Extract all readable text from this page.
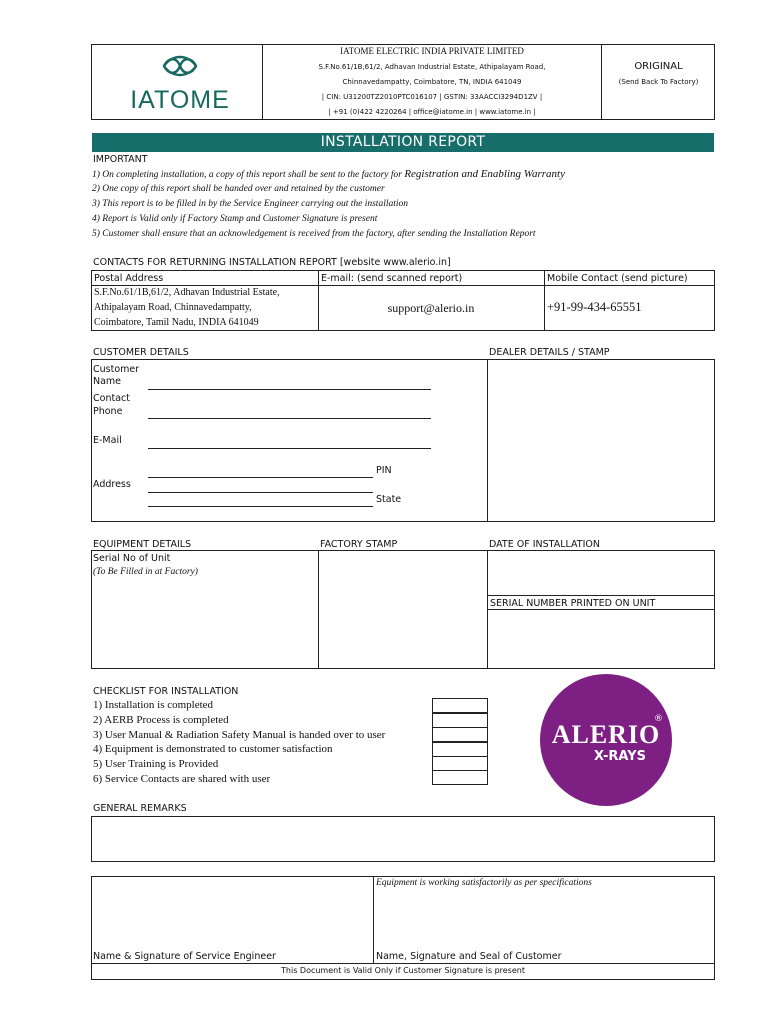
IATOME
IATOME ELECTRIC INDIA PRIVATE LIMITED
S.F.No.61/1B,61/2, Adhavan Industrial Estate, Athipalayam Road,
Chinnavedampatty, Coimbatore, TN, INDIA 641049
| CIN: U31200TZ2010PTC016107 | GSTIN: 33AACCI3294D1ZV |
| +91 (0)422 4220264 | office@iatome.in | www.iatome.in |
ORIGINAL
(Send Back To Factory)
INSTALLATION REPORT
IMPORTANT
1) On completing installation, a copy of this report shall be sent to the factory for Registration and Enabling Warranty
2) One copy of this report shall be handed over and retained by the customer
3) This report is to be filled in by the Service Engineer carrying out the installation
4) Report is Valid only if Factory Stamp and Customer Signature is present
5) Customer shall ensure that an acknowledgement is received from the factory, after sending the Installation Report
CONTACTS FOR RETURNING INSTALLATION REPORT [website www.alerio.in]
Postal Address	E-mail: (send scanned report)	Mobile Contact (send picture)
S.F.No.61/1B,61/2, Adhavan Industrial Estate,
Athipalayam Road, Chinnavedampatty,
Coimbatore, Tamil Nadu, INDIA 641049
support@alerio.in	+91-99-434-65551
CUSTOMER DETAILS	DEALER DETAILS / STAMP
Customer
Name
Contact
Phone
E-Mail
PIN
Address
State
EQUIPMENT DETAILS	FACTORY STAMP	DATE OF INSTALLATION
Serial No of Unit
(To Be Filled in at Factory)
SERIAL NUMBER PRINTED ON UNIT
CHECKLIST FOR INSTALLATION
1) Installation is completed
2) AERB Process is completed
3) User Manual & Radiation Safety Manual is handed over to user
4) Equipment is demonstrated to customer satisfaction
5) User Training is Provided
6) Service Contacts are shared with user
ALERIO
®
X-RAYS
GENERAL REMARKS
Equipment is working satisfactorily as per specifications
Name & Signature of Service Engineer	Name, Signature and Seal of Customer
This Document is Valid Only if Customer Signature is present
